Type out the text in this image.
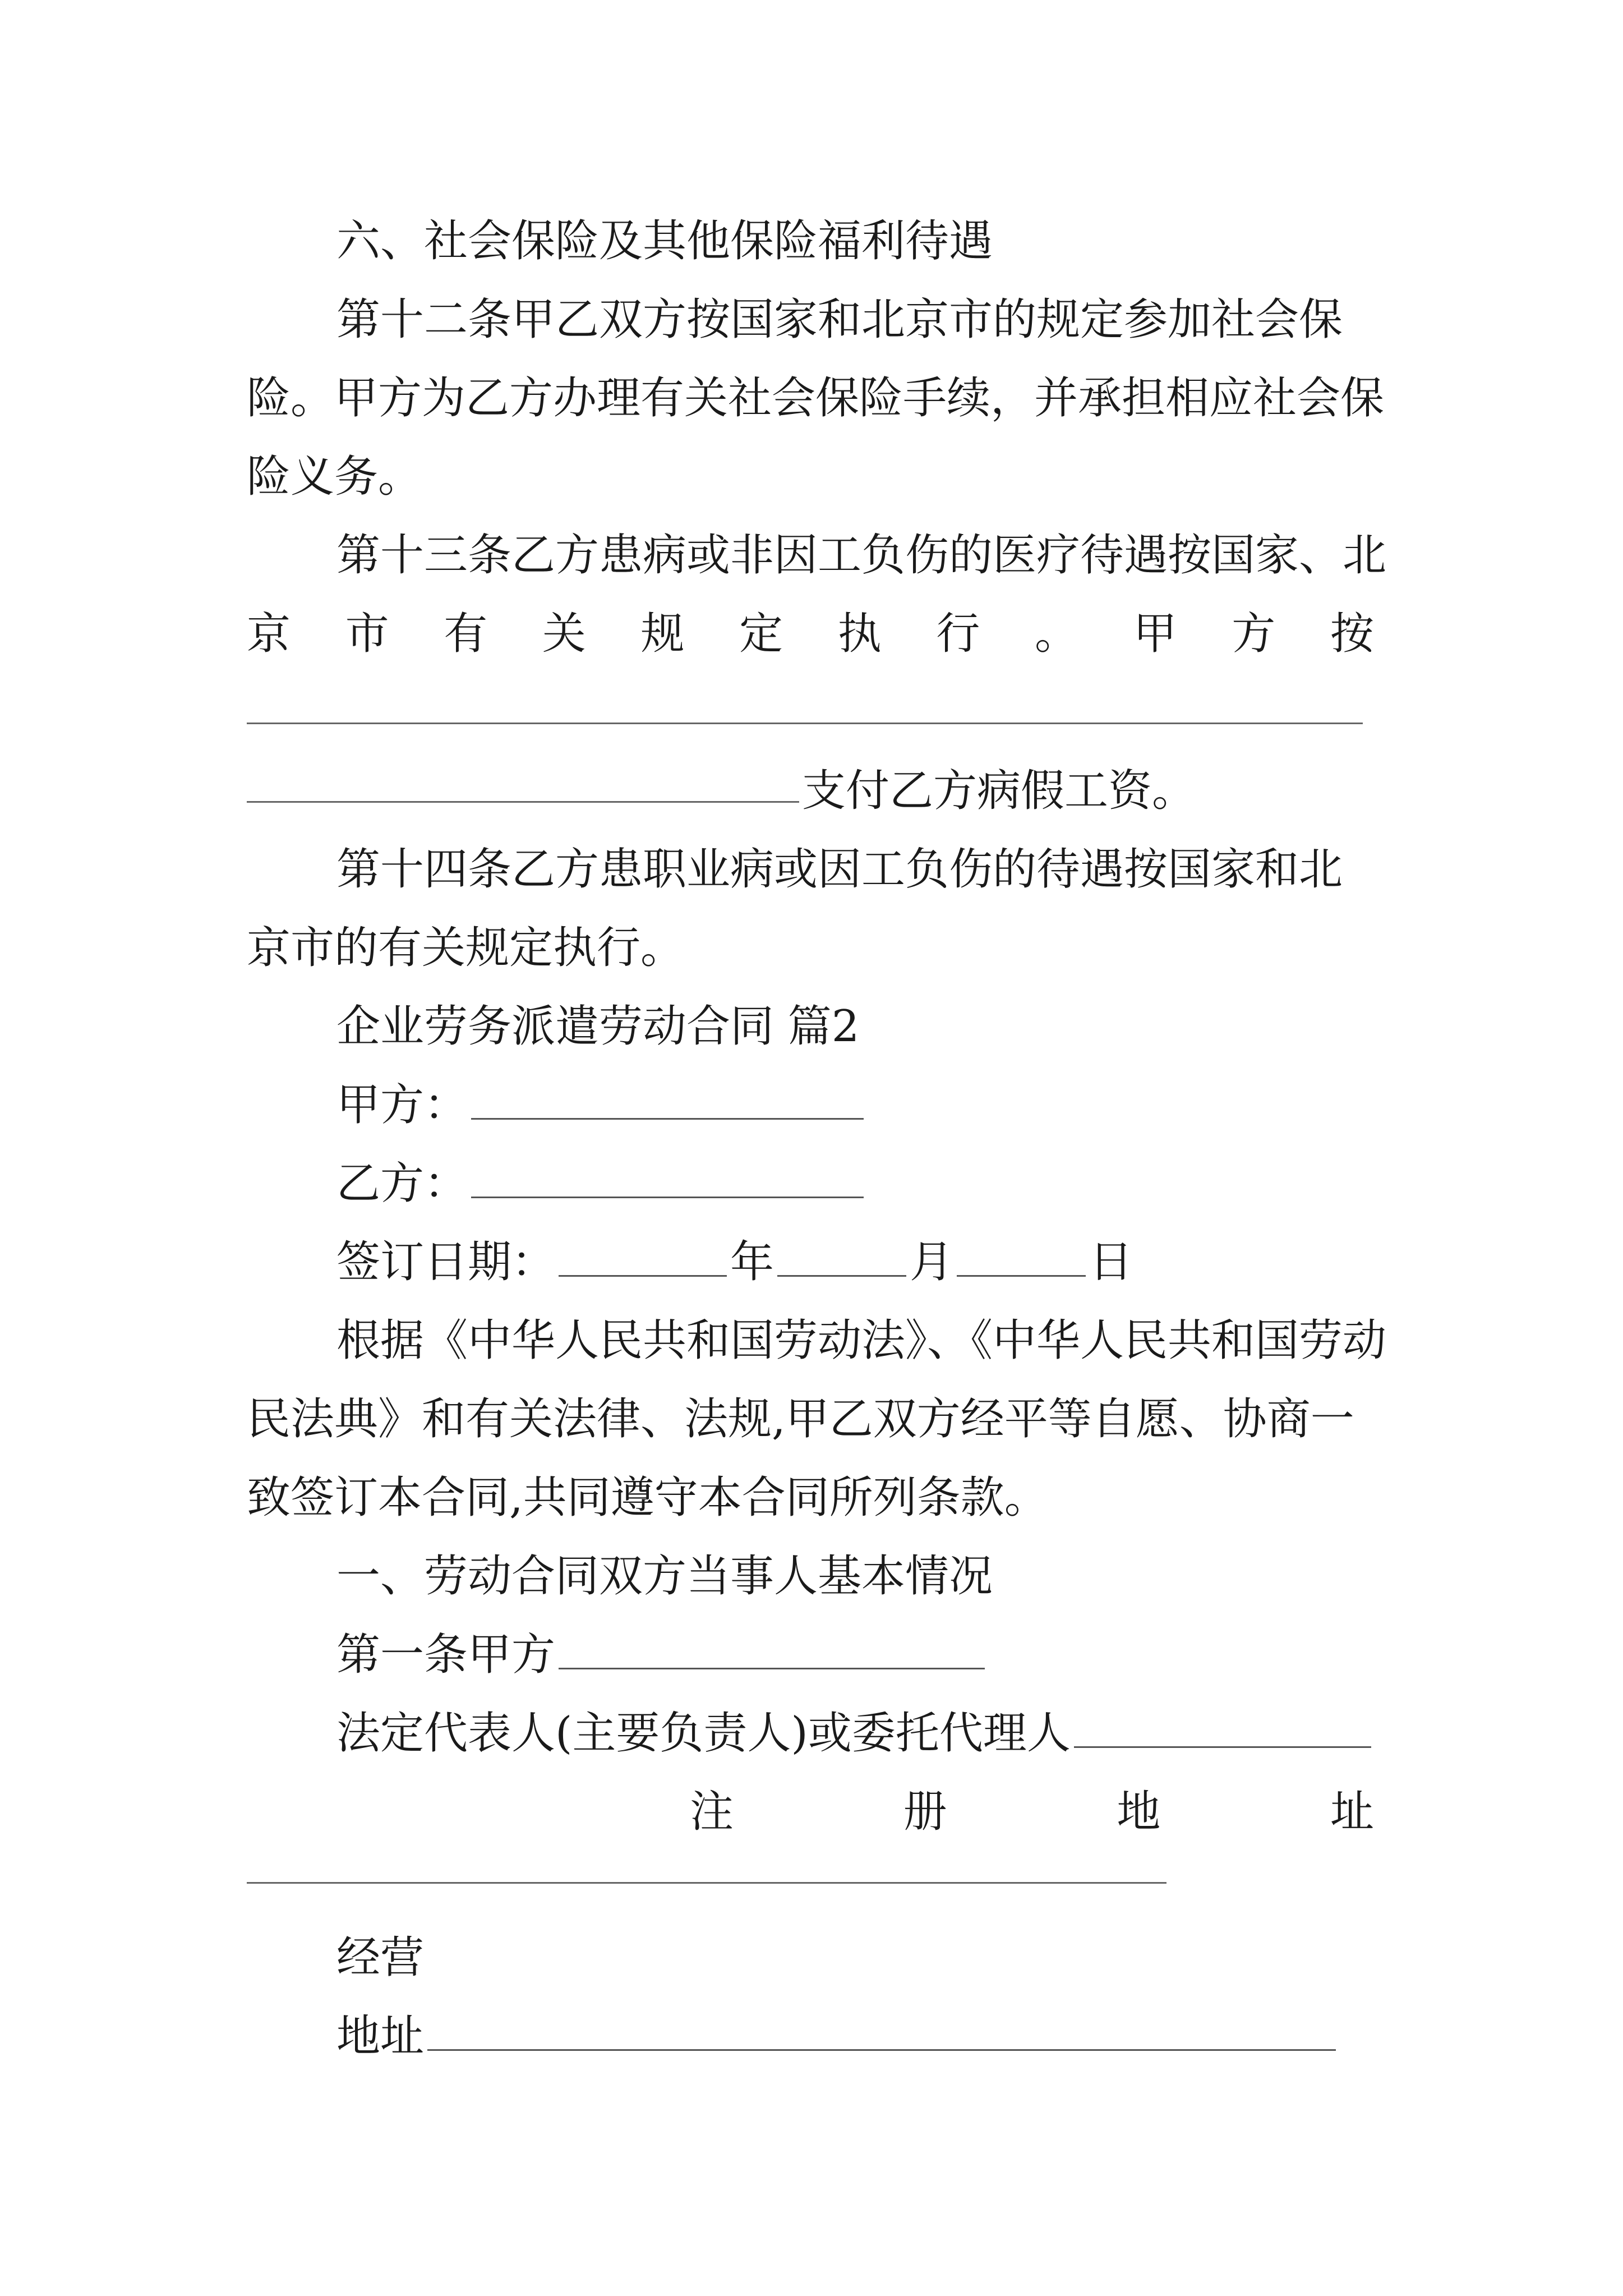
六、社会保险及其他保险福利待遇
第十二条甲乙双方按国家和北京市的规定参加社会保
险。甲方为乙方办理有关社会保险手续，并承担相应社会保
险义务。
第十三条乙方患病或非因工负伤的医疗待遇按国家、北
京 市 有 关 规 定 执 行 。 甲 方 按
支付乙方病假工资。
第十四条乙方患职业病或因工负伤的待遇按国家和北
京市的有关规定执行。
企业劳务派遣劳动合同 篇2
甲方：
乙方：
签订日期：	年	月	日
根据《中华人民共和国劳动法》、《中华人民共和国劳动
民法典》和有关法律、法规,甲乙双方经平等自愿、协商一
致签订本合同,共同遵守本合同所列条款。
一、劳动合同双方当事人基本情况
第一条甲方
法定代表人(主要负责人)或委托代理人
注	册	地	址
经营
地址
